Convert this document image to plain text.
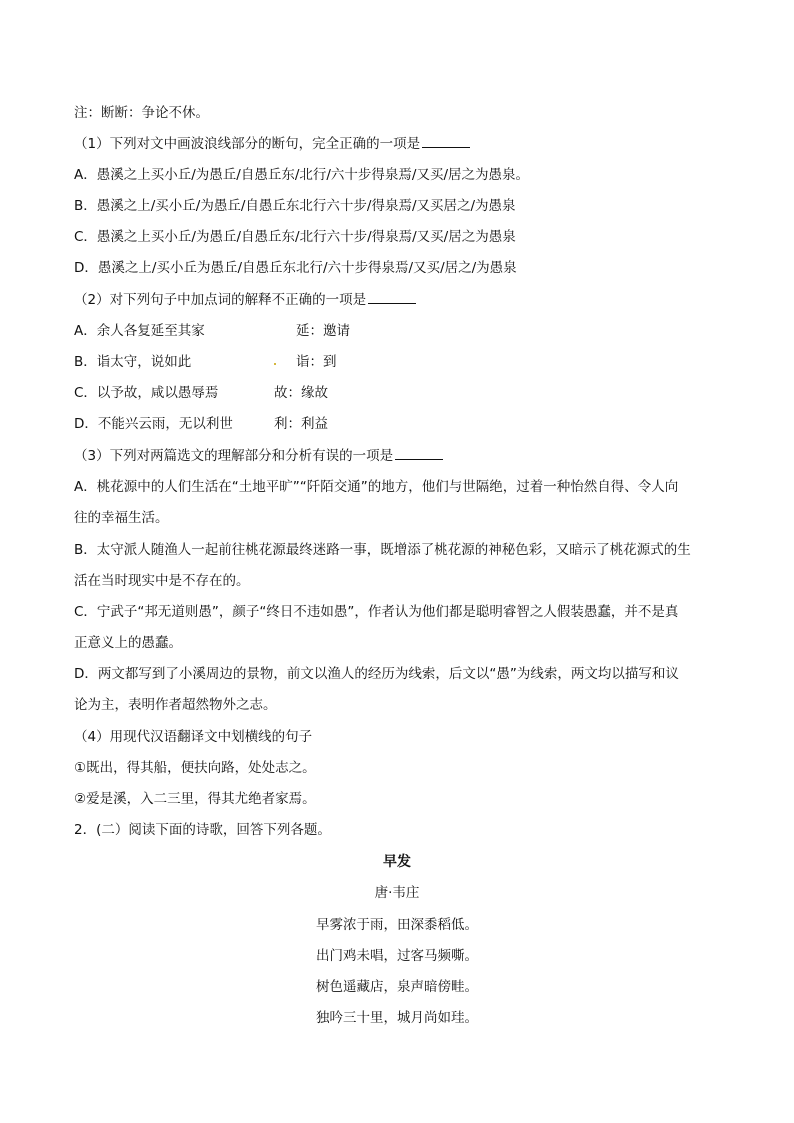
注：断断：争论不休。
（1）下列对文中画波浪线部分的断句，完全正确的一项是
A．愚溪之上买小丘/为愚丘/自愚丘东/北行/六十步得泉焉/又买/居之为愚泉。
B．愚溪之上/买小丘/为愚丘/自愚丘东北行六十步/得泉焉/又买居之/为愚泉
C．愚溪之上买小丘/为愚丘/自愚丘东/北行六十步/得泉焉/又买/居之为愚泉
D．愚溪之上/买小丘为愚丘/自愚丘东北行/六十步得泉焉/又买/居之/为愚泉
（2）对下列句子中加点词的解释不正确的一项是
A．余人各复延至其家	延：邀请
B．诣太守，说如此	诣：到
C．以予故，咸以愚辱焉	故：缘故
D．不能兴云雨，无以利世	利：利益
（3）下列对两篇选文的理解部分和分析有误的一项是
A．桃花源中的人们生活在“土地平旷”“阡陌交通”的地方，他们与世隔绝，过着一种怡然自得、令人向
往的幸福生活。
B．太守派人随渔人一起前往桃花源最终迷路一事，既增添了桃花源的神秘色彩，又暗示了桃花源式的生
活在当时现实中是不存在的。
C．宁武子“邦无道则愚”，颜子“终日不违如愚”，作者认为他们都是聪明睿智之人假装愚蠢，并不是真
正意义上的愚蠢。
D．两文都写到了小溪周边的景物，前文以渔人的经历为线索，后文以“愚”为线索，两文均以描写和议
论为主，表明作者超然物外之志。
（4）用现代汉语翻译文中划横线的句子
①既出，得其船，便扶向路，处处志之。
②爱是溪，入二三里，得其尤绝者家焉。
2．(二）阅读下面的诗歌，回答下列各题。
早发
唐·韦庄
早雾浓于雨，田深黍稻低。
出门鸡未唱，过客马频嘶。
树色遥藏店，泉声暗傍畦。
独吟三十里，城月尚如珪。
